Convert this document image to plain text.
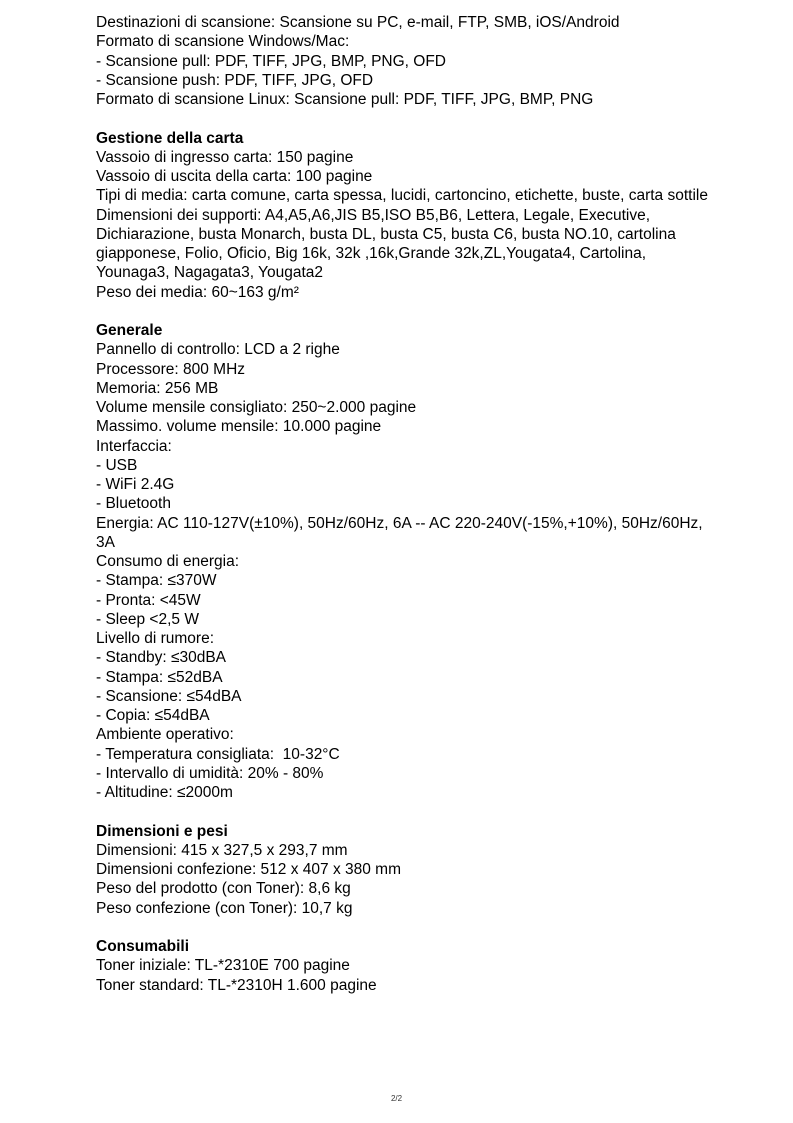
Destinazioni di scansione: Scansione su PC, e-mail, FTP, SMB, iOS/Android
Formato di scansione Windows/Mac:
- Scansione pull: PDF, TIFF, JPG, BMP, PNG, OFD
- Scansione push: PDF, TIFF, JPG, OFD
Formato di scansione Linux: Scansione pull: PDF, TIFF, JPG, BMP, PNG
Gestione della carta
Vassoio di ingresso carta: 150 pagine
Vassoio di uscita della carta: 100 pagine
Tipi di media: carta comune, carta spessa, lucidi, cartoncino, etichette, buste, carta sottile
Dimensioni dei supporti: A4,A5,A6,JIS B5,ISO B5,B6, Lettera, Legale, Executive,
Dichiarazione, busta Monarch, busta DL, busta C5, busta C6, busta NO.10, cartolina
giapponese, Folio, Oficio, Big 16k, 32k ,16k,Grande 32k,ZL,Yougata4, Cartolina,
Younaga3, Nagagata3, Yougata2
Peso dei media: 60~163 g/m²
Generale
Pannello di controllo: LCD a 2 righe
Processore: 800 MHz
Memoria: 256 MB
Volume mensile consigliato: 250~2.000 pagine
Massimo. volume mensile: 10.000 pagine
Interfaccia:
- USB
- WiFi 2.4G
- Bluetooth
Energia: AC 110-127V(±10%), 50Hz/60Hz, 6A -- AC 220-240V(-15%,+10%), 50Hz/60Hz,
3A
Consumo di energia:
- Stampa: ≤370W
- Pronta: <45W
- Sleep <2,5 W
Livello di rumore:
- Standby: ≤30dBA
- Stampa: ≤52dBA
- Scansione: ≤54dBA
- Copia: ≤54dBA
Ambiente operativo:
- Temperatura consigliata:  10-32°C
- Intervallo di umidità: 20% - 80%
- Altitudine: ≤2000m
Dimensioni e pesi
Dimensioni: 415 x 327,5 x 293,7 mm
Dimensioni confezione: 512 x 407 x 380 mm
Peso del prodotto (con Toner): 8,6 kg
Peso confezione (con Toner): 10,7 kg
Consumabili
Toner iniziale: TL-*2310E 700 pagine
Toner standard: TL-*2310H 1.600 pagine
2/2
